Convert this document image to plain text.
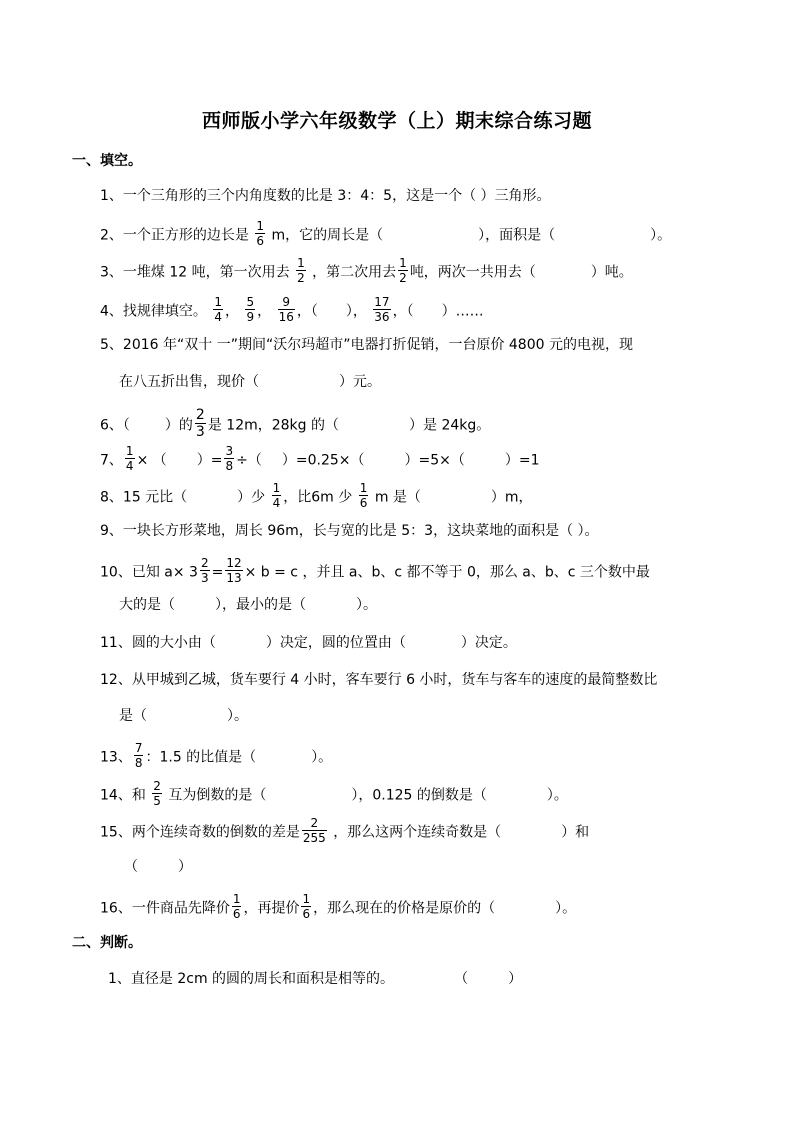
西师版小学六年级数学（上）期末综合练习题
一、填空。
1、一个三角形的三个内角度数的比是 3：4：5，这是一个（ ）三角形。
2、一个正方形的边长是 $\frac{1}{6}$ m，它的周长是（	），面积是（	）。
3、一堆煤 12 吨，第一次用去 $\frac{1}{2}$ ，第二次用去 $\frac{1}{2}$ 吨，两次一共用去（	）吨。
4、找规律填空。 $\frac{1}{4}$ ， $\frac{5}{9}$ ， $\frac{9}{16}$ ，（ ）， $\frac{17}{36}$ ，（ ）……
5、2016 年“双十 一”期间“沃尔玛超市”电器打折促销，一台原价 4800 元的电视，现
在八五折出售，现价（	）元。
6、（	）的 $\frac{2}{3}$ 是 12m，28kg 的（	）是 24kg。
7、 $\frac{1}{4}$ × （ ）= $\frac{3}{8}$ ÷（ ）=0.25×（	）=5×（	）=1
8、15 元比（	）少 $\frac{1}{4}$ ，比6m 少 $\frac{1}{6}$ m 是（	）m，
9、一块长方形菜地，周长 96m，长与宽的比是 5：3，这块菜地的面积是（ ）。
10、已知 $a\times 3 \frac{2}{3} = \frac{12}{13} \times b = c$ ，并且 a、b、c 都不等于 0，那么 a、b、c 三个数中最
大的是（	），最小的是（	）。
11、圆的大小由（	）决定，圆的位置由（	）决定。
12、从甲城到乙城，货车要行 4 小时，客车要行 6 小时，货车与客车的速度的最简整数比
是（	）。
13、 $\frac{7}{8}$ ：1.5 的比值是（	）。
14、和 $\frac{2}{5}$ 互为倒数的是（	），0.125 的倒数是（	）。
15、两个连续奇数的倒数的差是 $\frac{2}{255}$ ，那么这两个连续奇数是（	）和
（	）
16、一件商品先降价 $\frac{1}{6}$ ，再提价 $\frac{1}{6}$ ，那么现在的价格是原价的（	）。
二、判断。
1、直径是 2cm 的圆的周长和面积是相等的。	（	）
